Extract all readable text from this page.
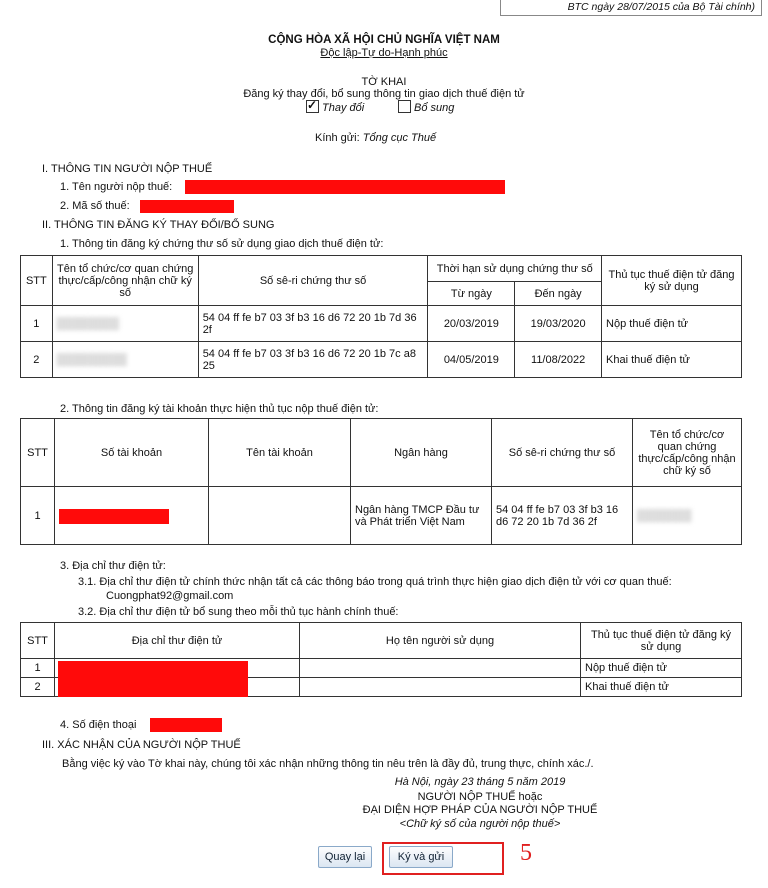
BTC ngày 28/07/2015 của Bộ Tài chính)
CỘNG HÒA XÃ HỘI CHỦ NGHĨA VIỆT NAM
Độc lập-Tự do-Hạnh phúc
TỜ KHAI
Đăng ký thay đổi, bổ sung thông tin giao dịch thuế điện tử
✓Thay đổi	Bổ sung
Kính gửi: Tổng cục Thuế
I. THÔNG TIN NGƯỜI NỘP THUẾ
1. Tên người nộp thuế:
2. Mã số thuế:
II. THÔNG TIN ĐĂNG KÝ THAY ĐỔI/BỔ SUNG
1. Thông tin đăng ký chứng thư số sử dụng giao dịch thuế điện tử:
STT	Tên tổ chức/cơ quan chứng thực/cấp/công nhận chữ ký số	Số sê-ri chứng thư số	Thời hạn sử dụng chứng thư số		Thủ tục thuế điện tử đăng ký sử dụng
			Từ ngày	Đến ngày	
1	████████	54 04 ff fe b7 03 3f b3 16 d6 72 20 1b 7d 36 2f	20/03/2019	19/03/2020	Nộp thuế điện tử
2	█████████	54 04 ff fe b7 03 3f b3 16 d6 72 20 1b 7c a8 25	04/05/2019	11/08/2022	Khai thuế điện tử
2. Thông tin đăng ký tài khoản thực hiện thủ tục nộp thuế điện tử:
STT	Số tài khoản	Tên tài khoản	Ngân hàng	Số sê-ri chứng thư số	Tên tổ chức/cơ quan chứng thực/cấp/công nhận chữ ký số
1			Ngân hàng TMCP Đầu tư và Phát triển Việt Nam	54 04 ff fe b7 03 3f b3 16 d6 72 20 1b 7d 36 2f	███████
3. Địa chỉ thư điện tử:
3.1. Địa chỉ thư điện tử chính thức nhận tất cả các thông báo trong quá trình thực hiện giao dịch điện tử với cơ quan thuế:
Cuongphat92@gmail.com
3.2. Địa chỉ thư điện tử bổ sung theo mỗi thủ tục hành chính thuế:
STT	Địa chỉ thư điện tử	Họ tên người sử dụng	Thủ tục thuế điện tử đăng ký sử dụng
1			Nộp thuế điện tử
2			Khai thuế điện tử
4. Số điện thoại
III. XÁC NHẬN CỦA NGƯỜI NỘP THUẾ
Bằng việc ký vào Tờ khai này, chúng tôi xác nhận những thông tin nêu trên là đầy đủ, trung thực, chính xác./.
Hà Nội, ngày 23 tháng 5 năm 2019
NGƯỜI NỘP THUẾ hoặc
ĐẠI DIỆN HỢP PHÁP CỦA NGƯỜI NỘP THUẾ
<Chữ ký số của người nộp thuế>
Quay lại	Ký và gửi	5
